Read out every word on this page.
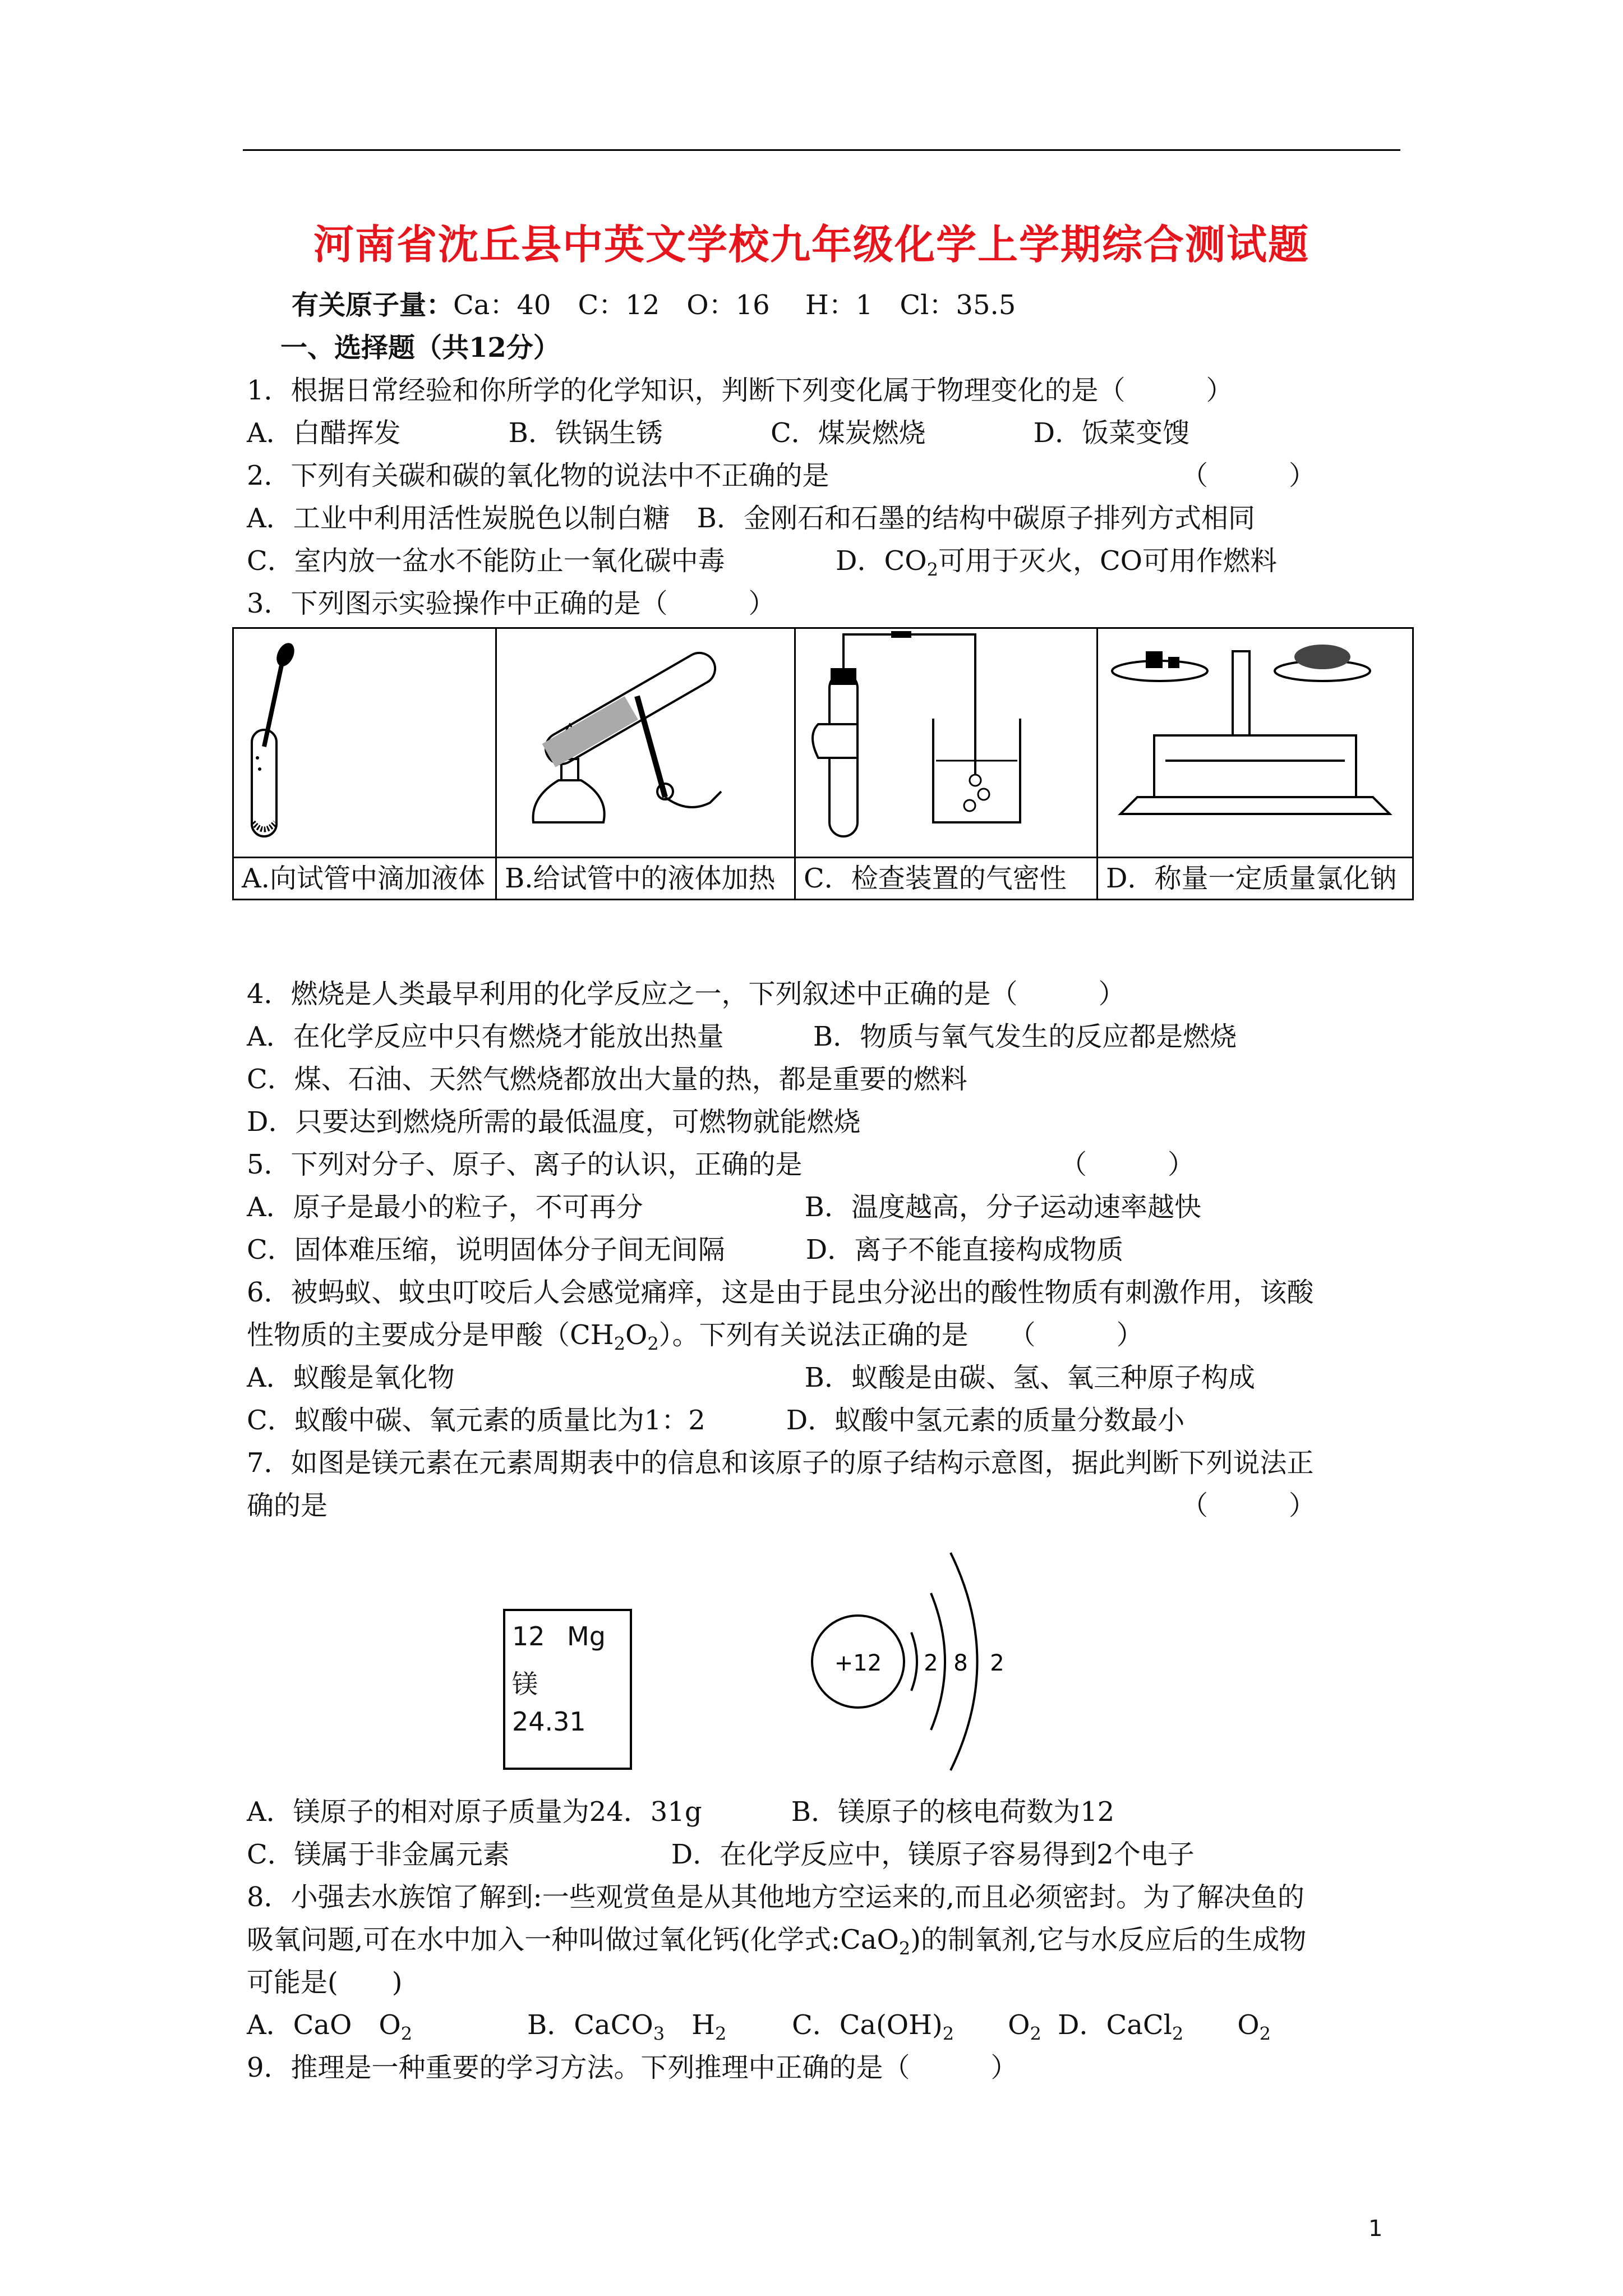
河南省沈丘县中英文学校九年级化学上学期综合测试题
有关原子量：Ca：40　C：12　O：16　 H：1　Cl：35.5
一、选择题（共12分）
1．根据日常经验和你所学的化学知识，判断下列变化属于物理变化的是（　　　）
A．白醋挥发　　　　B．铁锅生锈　　　　C．煤炭燃烧　　　　D．饭菜变馊
2．下列有关碳和碳的氧化物的说法中不正确的是	（　　　）
A．工业中利用活性炭脱色以制白糖　B．金刚石和石墨的结构中碳原子排列方式相同
C．室内放一盆水不能防止一氧化碳中毒	D．$CO_2$可用于灭火，CO可用作燃料
3．下列图示实验操作中正确的是（　　　）

A.向试管中滴加液体	B.给试管中的液体加热	C．检查装置的气密性	D．称量一定质量氯化钠
4．燃烧是人类最早利用的化学反应之一，下列叙述中正确的是（　　　）
A．在化学反应中只有燃烧才能放出热量　　　 B．物质与氧气发生的反应都是燃烧
C．煤、石油、天然气燃烧都放出大量的热，都是重要的燃料
D．只要达到燃烧所需的最低温度，可燃物就能燃烧
5．下列对分子、原子、离子的认识，正确的是	（　　　）
A．原子是最小的粒子，不可再分　　　　　　B．温度越高，分子运动速率越快
C．固体难压缩，说明固体分子间无间隔　　　D．离子不能直接构成物质
6．被蚂蚁、蚊虫叮咬后人会感觉痛痒，这是由于昆虫分泌出的酸性物质有刺激作用，该酸
性物质的主要成分是甲酸$(CH_2O_2)$。下列有关说法正确的是　　（　　　）
A．蚁酸是氧化物　　　　　　　　　　　　　B．蚁酸是由碳、氢、氧三种原子构成
C．蚁酸中碳、氧元素的质量比为1：2　　　D．蚁酸中氢元素的质量分数最小
7．如图是镁元素在元素周期表中的信息和该原子的原子结构示意图，据此判断下列说法正
确的是	（　　　）
12 Mg
镁
24.31
+12 2 8 2
A．镁原子的相对原子质量为24．31g　　　 B．镁原子的核电荷数为12
C．镁属于非金属元素　　　　　　D．在化学反应中，镁原子容易得到2个电子
8．小强去水族馆了解到:一些观赏鱼是从其他地方空运来的,而且必须密封。为了解决鱼的
吸氧问题,可在水中加入一种叫做过氧化钙(化学式:CaO$_2$)的制氧剂,它与水反应后的生成物
可能是(　　)
A．CaO　$O_2$	B．CaCO$_3$　$H_2$ C．$Ca(OH)_2$　　$O_2$ D．CaCl$_2$　　$O_2$
9．推理是一种重要的学习方法。下列推理中正确的是（　　　）
1
